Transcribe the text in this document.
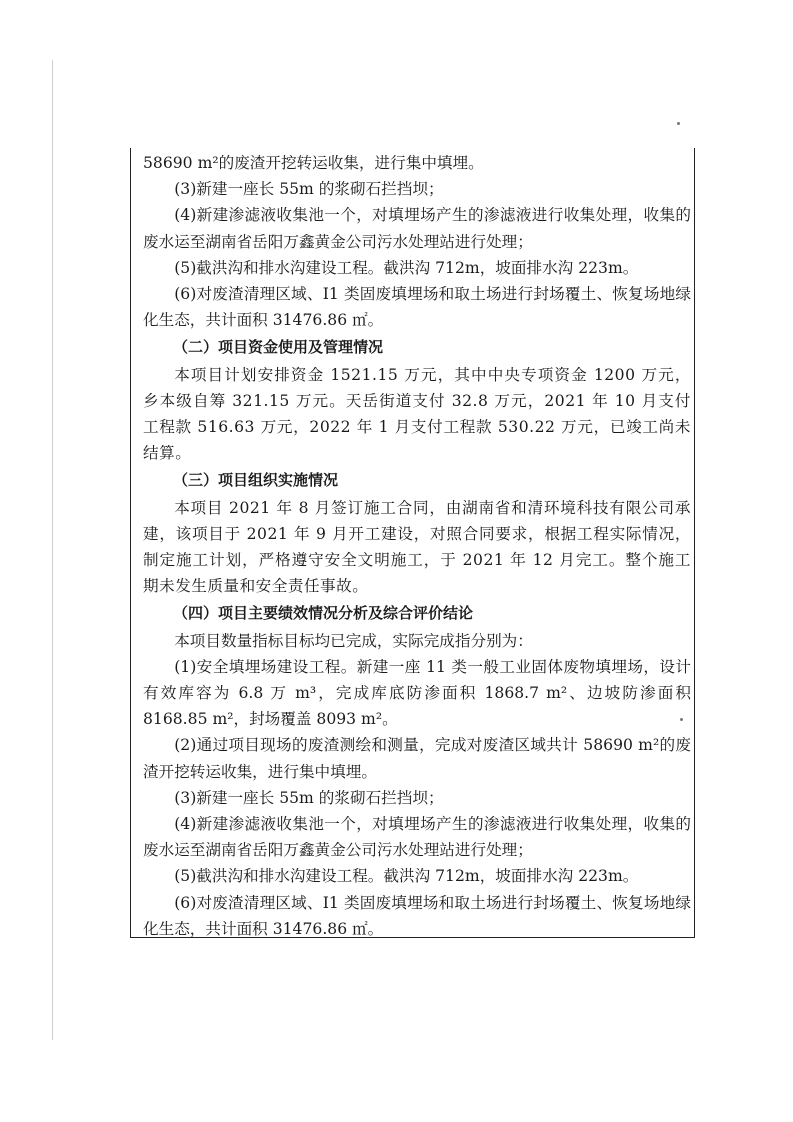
58690 m²的废渣开挖转运收集，进行集中填埋。

(3)新建一座长 55m 的浆砌石拦挡坝；

(4)新建渗滤液收集池一个，对填埋场产生的渗滤液进行收集处理，收集的废水运至湖南省岳阳万鑫黄金公司污水处理站进行处理；

(5)截洪沟和排水沟建设工程。截洪沟 712m，坡面排水沟 223m。

(6)对废渣清理区域、I1 类固废填埋场和取土场进行封场覆土、恢复场地绿化生态，共计面积 31476.86 ㎡。

（二）项目资金使用及管理情况

本项目计划安排资金 1521.15 万元，其中中央专项资金 1200 万元，乡本级自筹 321.15 万元。天岳街道支付 32.8 万元，2021 年 10 月支付工程款 516.63 万元，2022 年 1 月支付工程款 530.22 万元，已竣工尚未结算。

（三）项目组织实施情况

本项目 2021 年 8 月签订施工合同，由湖南省和清环境科技有限公司承建，该项目于 2021 年 9 月开工建设，对照合同要求，根据工程实际情况，制定施工计划，严格遵守安全文明施工，于 2021 年 12 月完工。整个施工期未发生质量和安全责任事故。

（四）项目主要绩效情况分析及综合评价结论

本项目数量指标目标均已完成，实际完成指分别为：

(1)安全填埋场建设工程。新建一座 11 类一般工业固体废物填埋场，设计有效库容为 6.8 万 m³，完成库底防渗面积 1868.7 m²、边坡防渗面积 8168.85 m²，封场覆盖 8093 m²。

(2)通过项目现场的废渣测绘和测量，完成对废渣区域共计 58690 m²的废渣开挖转运收集，进行集中填埋。

(3)新建一座长 55m 的浆砌石拦挡坝；

(4)新建渗滤液收集池一个，对填埋场产生的渗滤液进行收集处理，收集的废水运至湖南省岳阳万鑫黄金公司污水处理站进行处理；

(5)截洪沟和排水沟建设工程。截洪沟 712m，坡面排水沟 223m。

(6)对废渣清理区域、I1 类固废填埋场和取土场进行封场覆土、恢复场地绿化生态，共计面积 31476.86 ㎡。
